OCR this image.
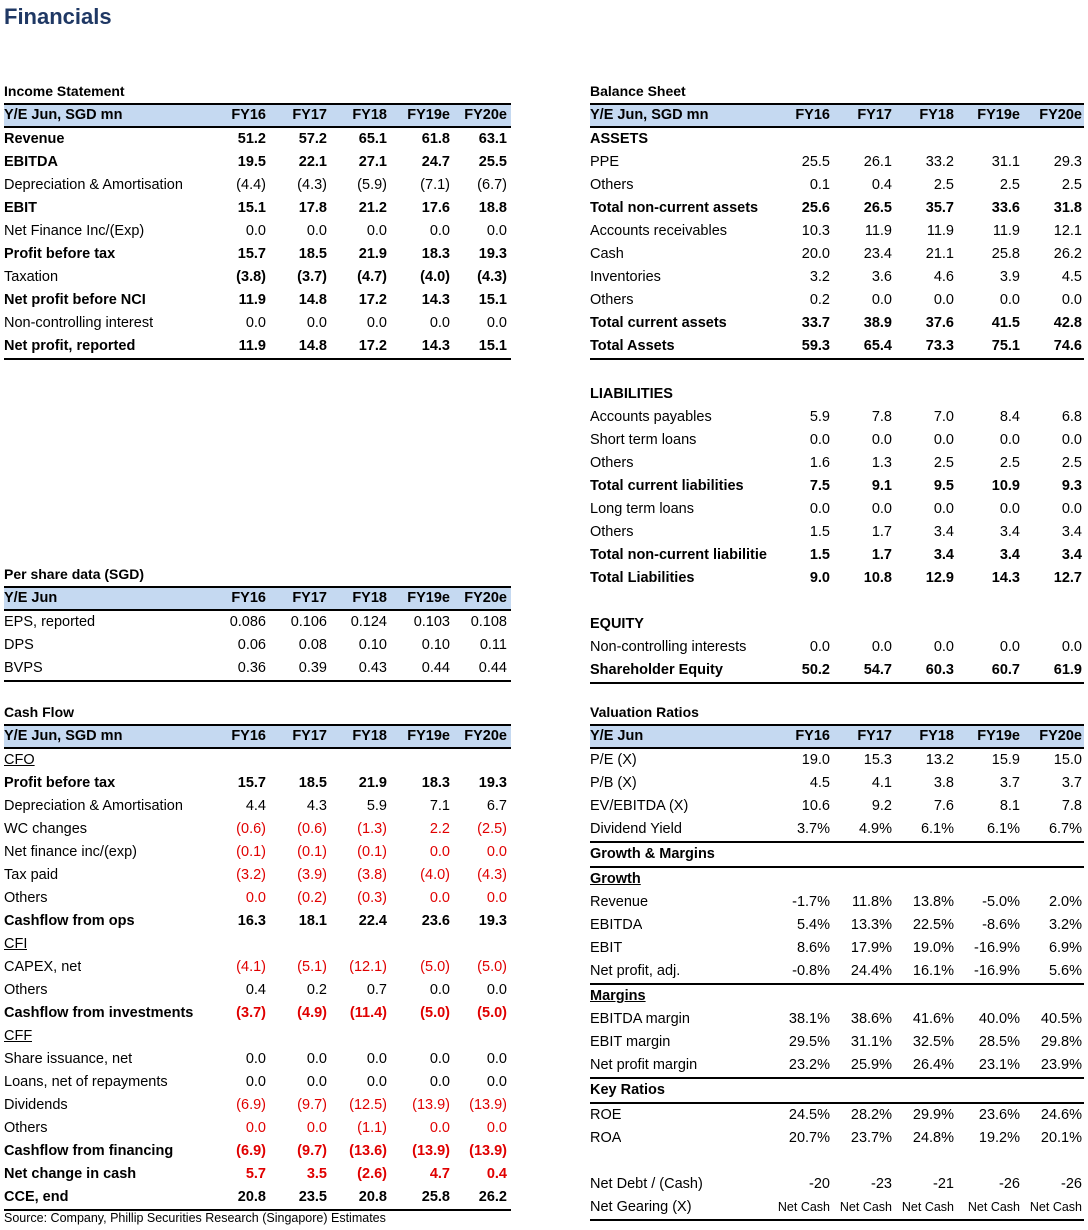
Financials
Income Statement
Y/E Jun, SGD mn	FY16 FY17 FY18 FY19e FY20e
Revenue	51.2 57.2 65.1 61.8 63.1
EBITDA	19.5 22.1 27.1 24.7 25.5
Depreciation & Amortisation	(4.4) (4.3) (5.9) (7.1) (6.7)
EBIT	15.1 17.8 21.2 17.6 18.8
Net Finance Inc/(Exp)	0.0	0.0	0.0	0.0	0.0
Profit before tax	15.7 18.5 21.9 18.3 19.3
Taxation	(3.8) (3.7) (4.7) (4.0) (4.3)
Net profit before NCI	11.9 14.8 17.2 14.3 15.1
Non-controlling interest	0.0	0.0	0.0	0.0	0.0
Net profit, reported	11.9 14.8 17.2 14.3 15.1
Per share data (SGD)
Y/E Jun	FY16 FY17 FY18 FY19e FY20e
EPS, reported	0.086 0.106 0.124 0.103 0.108
DPS	0.06 0.08 0.10 0.10 0.11
BVPS	0.36 0.39 0.43 0.44 0.44
Cash Flow
Y/E Jun, SGD mn	FY16 FY17 FY18 FY19e FY20e
CFO
Profit before tax	15.7 18.5 21.9 18.3 19.3
Depreciation & Amortisation	4.4	4.3	5.9	7.1	6.7
WC changes	(0.6) (0.6) (1.3)	2.2 (2.5)
Net finance inc/(exp)	(0.1) (0.1) (0.1)	0.0	0.0
Tax paid	(3.2) (3.9) (3.8) (4.0) (4.3)
Others	0.0 (0.2) (0.3)	0.0	0.0
Cashflow from ops	16.3 18.1 22.4 23.6 19.3
CFI
CAPEX, net	(4.1) (5.1) (12.1) (5.0) (5.0)
Others	0.4	0.2	0.7	0.0	0.0
Cashflow from investments	(3.7) (4.9) (11.4) (5.0) (5.0)
CFF
Share issuance, net	0.0	0.0	0.0	0.0	0.0
Loans, net of repayments	0.0	0.0	0.0	0.0	0.0
Dividends	(6.9) (9.7) (12.5) (13.9) (13.9)
Others	0.0	0.0 (1.1)	0.0	0.0
Cashflow from financing	(6.9) (9.7) (13.6) (13.9) (13.9)
Net change in cash	5.7	3.5 (2.6)	4.7	0.4
CCE, end	20.8 23.5 20.8 25.8 26.2
Balance Sheet
Y/E Jun, SGD mn	FY16 FY17 FY18 FY19e FY20e
ASSETS
PPE	25.5 26.1 33.2	31.1 29.3
Others	0.1	0.4	2.5	2.5	2.5
Total non-current assets	25.6 26.5 35.7	33.6 31.8
Accounts receivables	10.3 11.9 11.9	11.9 12.1
Cash	20.0 23.4 21.1	25.8 26.2
Inventories	3.2	3.6	4.6	3.9	4.5
Others	0.2	0.0	0.0	0.0	0.0
Total current assets	33.7 38.9 37.6	41.5 42.8
Total Assets	59.3 65.4 73.3	75.1 74.6
LIABILITIES
Accounts payables	5.9	7.8	7.0	8.4	6.8
Short term loans	0.0	0.0	0.0	0.0	0.0
Others	1.6	1.3	2.5	2.5	2.5
Total current liabilities	7.5	9.1	9.5	10.9	9.3
Long term loans	0.0	0.0	0.0	0.0	0.0
Others	1.5	1.7	3.4	3.4	3.4
Total non-current liabilitie	1.5	1.7	3.4	3.4	3.4
Total Liabilities	9.0 10.8 12.9	14.3 12.7
EQUITY
Non-controlling interests	0.0	0.0	0.0	0.0	0.0
Shareholder Equity	50.2 54.7 60.3	60.7 61.9
Valuation Ratios
Y/E Jun	FY16 FY17 FY18 FY19e FY20e
P/E (X)	19.0 15.3 13.2	15.9 15.0
P/B (X)	4.5	4.1	3.8	3.7	3.7
EV/EBITDA (X)	10.6	9.2	7.6	8.1	7.8
Dividend Yield	3.7% 4.9% 6.1% 6.1% 6.7%
Growth & Margins
Growth
Revenue	-1.7% 11.8% 13.8% -5.0% 2.0%
EBITDA	5.4% 13.3% 22.5% -8.6% 3.2%
EBIT	8.6% 17.9% 19.0% -16.9% 6.9%
Net profit, adj.	-0.8% 24.4% 16.1% -16.9% 5.6%
Margins
EBITDA margin	38.1% 38.6% 41.6% 40.0% 40.5%
EBIT margin	29.5% 31.1% 32.5% 28.5% 29.8%
Net profit margin	23.2% 25.9% 26.4% 23.1% 23.9%
Key Ratios
ROE	24.5% 28.2% 29.9% 23.6% 24.6%
ROA	20.7% 23.7% 24.8% 19.2% 20.1%
Net Debt / (Cash)	-20	-23	-21	-26	-26
Net Gearing (X)	Net Cash Net Cash Net Cash Net Cash Net Cash
Source: Company, Phillip Securities Research (Singapore) Estimates
